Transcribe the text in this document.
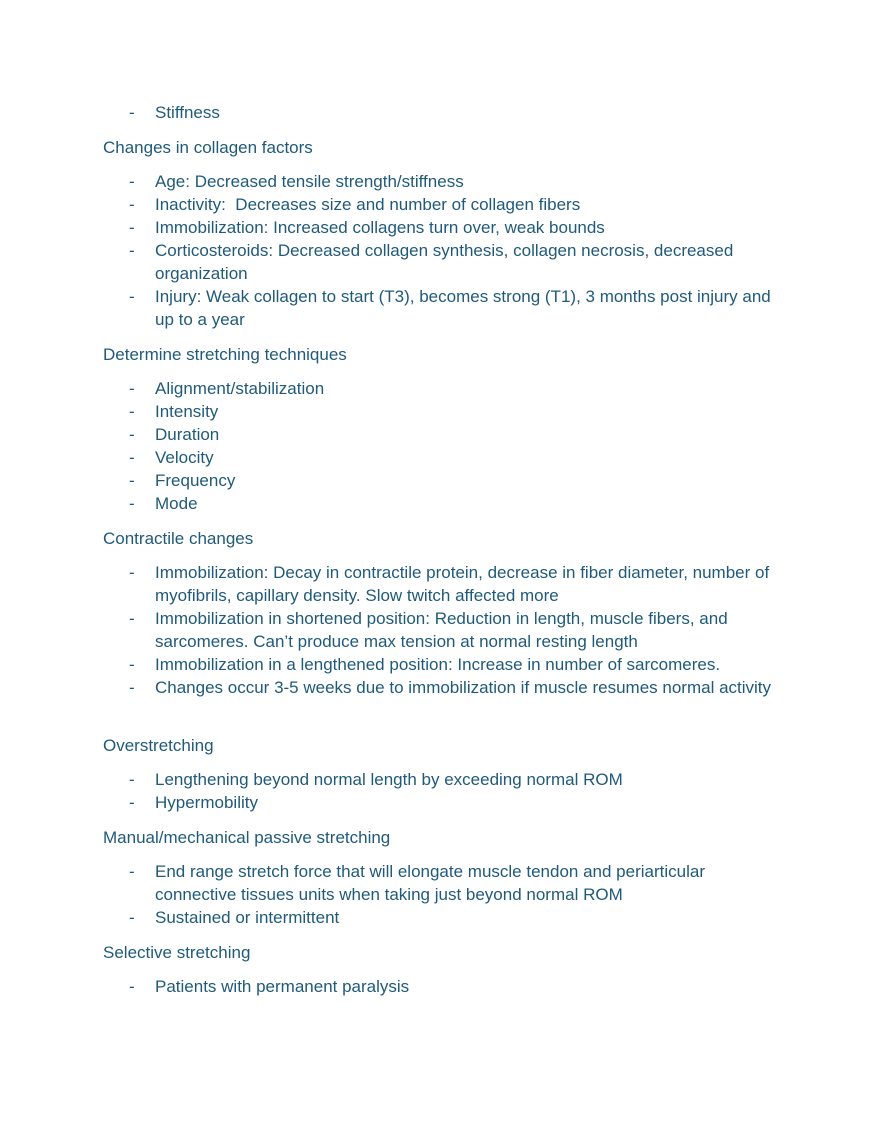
- Stiffness
Changes in collagen factors
- Age: Decreased tensile strength/stiffness
- Inactivity:  Decreases size and number of collagen fibers
- Immobilization: Increased collagens turn over, weak bounds
- Corticosteroids: Decreased collagen synthesis, collagen necrosis, decreased organization
- Injury: Weak collagen to start (T3), becomes strong (T1), 3 months post injury and up to a year
Determine stretching techniques
- Alignment/stabilization
- Intensity
- Duration
- Velocity
- Frequency
- Mode
Contractile changes
- Immobilization: Decay in contractile protein, decrease in fiber diameter, number of myofibrils, capillary density. Slow twitch affected more
- Immobilization in shortened position: Reduction in length, muscle fibers, and sarcomeres. Can’t produce max tension at normal resting length
- Immobilization in a lengthened position: Increase in number of sarcomeres.
- Changes occur 3-5 weeks due to immobilization if muscle resumes normal activity
Overstretching
- Lengthening beyond normal length by exceeding normal ROM
- Hypermobility
Manual/mechanical passive stretching
- End range stretch force that will elongate muscle tendon and periarticular connective tissues units when taking just beyond normal ROM
- Sustained or intermittent
Selective stretching
- Patients with permanent paralysis
